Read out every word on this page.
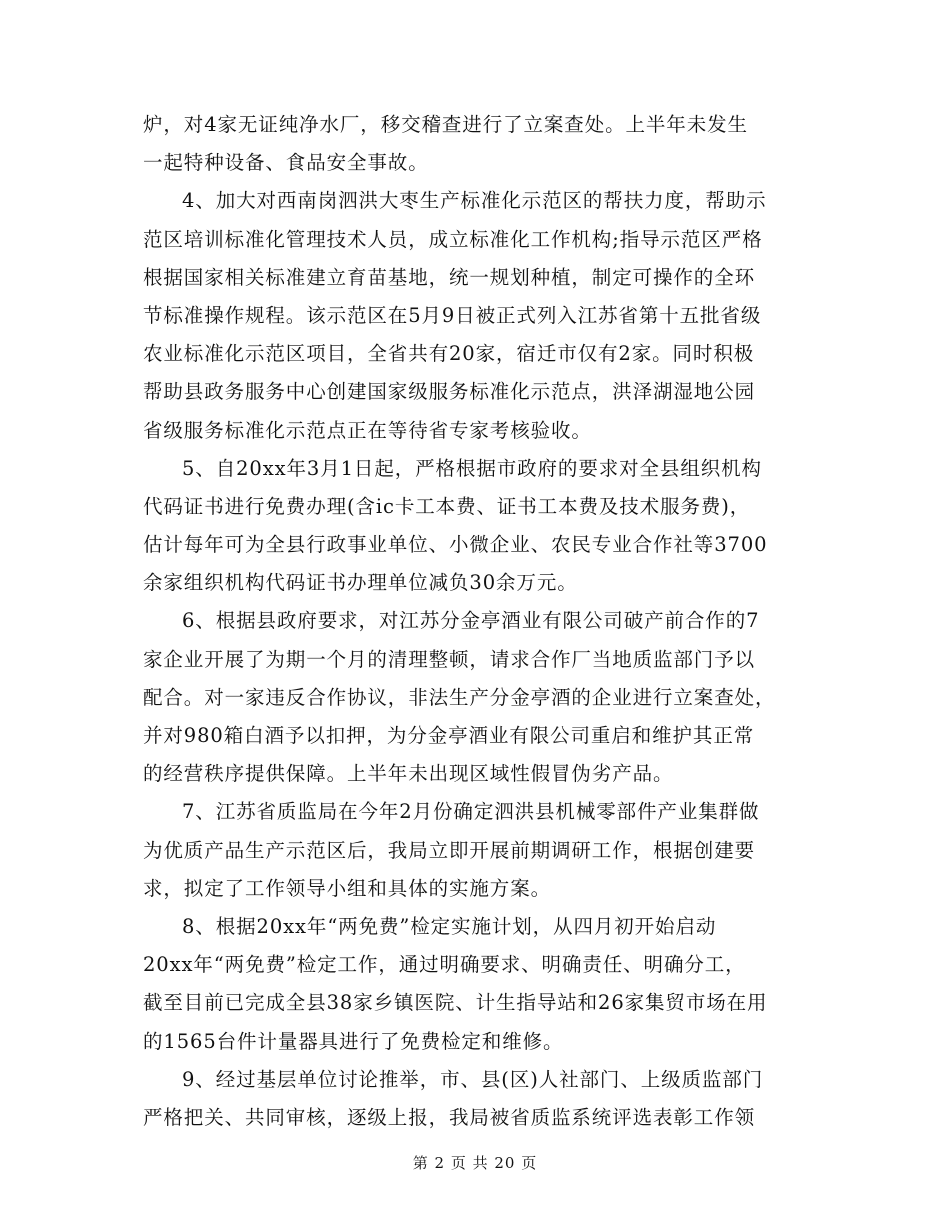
炉，对4家无证纯净水厂，移交稽查进行了立案查处。上半年未发生
一起特种设备、食品安全事故。
4、加大对西南岗泗洪大枣生产标准化示范区的帮扶力度，帮助示
范区培训标准化管理技术人员，成立标准化工作机构;指导示范区严格
根据国家相关标准建立育苗基地，统一规划种植，制定可操作的全环
节标准操作规程。该示范区在5月9日被正式列入江苏省第十五批省级
农业标准化示范区项目，全省共有20家，宿迁市仅有2家。同时积极
帮助县政务服务中心创建国家级服务标准化示范点，洪泽湖湿地公园
省级服务标准化示范点正在等待省专家考核验收。
5、自20xx年3月1日起，严格根据市政府的要求对全县组织机构
代码证书进行免费办理(含ic卡工本费、证书工本费及技术服务费)，
估计每年可为全县行政事业单位、小微企业、农民专业合作社等3700
余家组织机构代码证书办理单位减负30余万元。
6、根据县政府要求，对江苏分金亭酒业有限公司破产前合作的7
家企业开展了为期一个月的清理整顿，请求合作厂当地质监部门予以
配合。对一家违反合作协议，非法生产分金亭酒的企业进行立案查处，
并对980箱白酒予以扣押，为分金亭酒业有限公司重启和维护其正常
的经营秩序提供保障。上半年未出现区域性假冒伪劣产品。
7、江苏省质监局在今年2月份确定泗洪县机械零部件产业集群做
为优质产品生产示范区后，我局立即开展前期调研工作，根据创建要
求，拟定了工作领导小组和具体的实施方案。
8、根据20xx年“两免费”检定实施计划，从四月初开始启动
20xx年“两免费”检定工作，通过明确要求、明确责任、明确分工，
截至目前已完成全县38家乡镇医院、计生指导站和26家集贸市场在用
的1565台件计量器具进行了免费检定和维修。
9、经过基层单位讨论推举，市、县(区)人社部门、上级质监部门
严格把关、共同审核，逐级上报，我局被省质监系统评选表彰工作领
第 2 页 共 20 页
